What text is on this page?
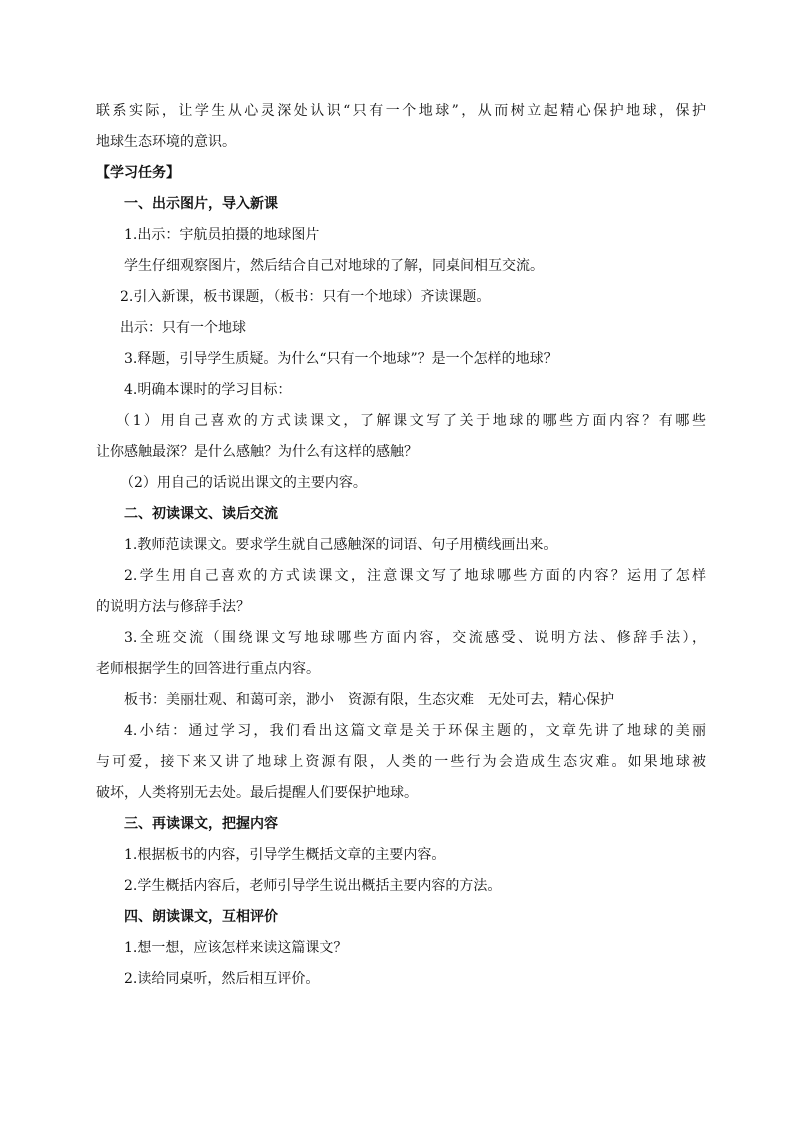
联系实际，让学生从心灵深处认识“只有一个地球”，从而树立起精心保护地球，保护
地球生态环境的意识。
【学习任务】
一、出示图片，导入新课
1.出示：宇航员拍摄的地球图片
学生仔细观察图片，然后结合自己对地球的了解，同桌间相互交流。
2.引入新课，板书课题，（板书：只有一个地球）齐读课题。
出示：只有一个地球
3.释题，引导学生质疑。为什么“只有一个地球”？是一个怎样的地球？
4.明确本课时的学习目标：
（1）用自己喜欢的方式读课文，了解课文写了关于地球的哪些方面内容？有哪些
让你感触最深？是什么感触？为什么有这样的感触？
（2）用自己的话说出课文的主要内容。
二、初读课文、读后交流
1.教师范读课文。要求学生就自己感触深的词语、句子用横线画出来。
2.学生用自己喜欢的方式读课文，注意课文写了地球哪些方面的内容？运用了怎样
的说明方法与修辞手法？
3.全班交流（围绕课文写地球哪些方面内容，交流感受、说明方法、修辞手法），
老师根据学生的回答进行重点内容。
板书：美丽壮观、和蔼可亲，渺小　资源有限，生态灾难　无处可去，精心保护
4.小结：通过学习，我们看出这篇文章是关于环保主题的，文章先讲了地球的美丽
与可爱，接下来又讲了地球上资源有限，人类的一些行为会造成生态灾难。如果地球被
破坏，人类将别无去处。最后提醒人们要保护地球。
三、再读课文，把握内容
1.根据板书的内容，引导学生概括文章的主要内容。
2.学生概括内容后，老师引导学生说出概括主要内容的方法。
四、朗读课文，互相评价
1.想一想，应该怎样来读这篇课文？
2.读给同桌听，然后相互评价。
